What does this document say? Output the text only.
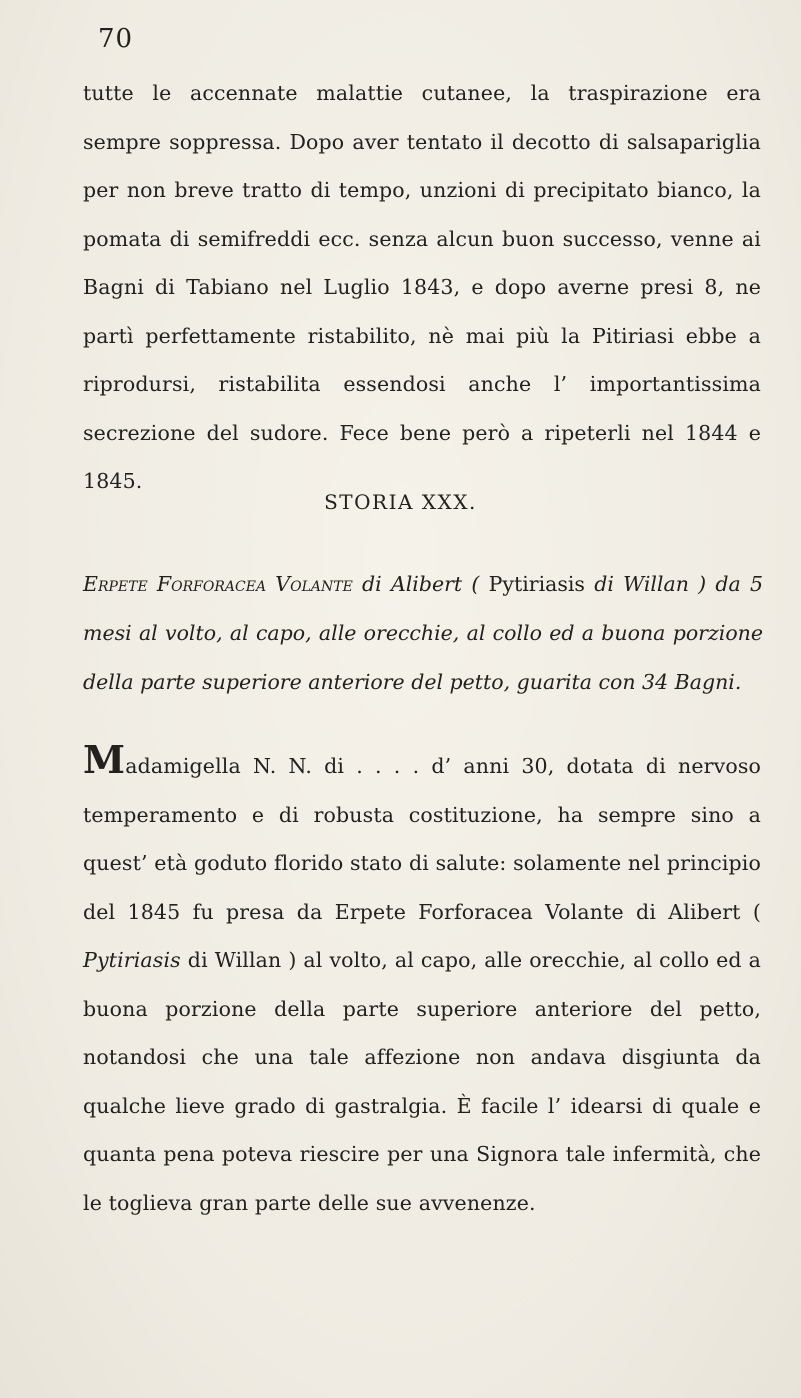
70

tutte le accennate malattie cutanee, la traspirazione era sempre soppressa. Dopo aver tentato il decotto di salsapariglia per non breve tratto di tempo, unzioni di precipitato bianco, la pomata di semifreddi ecc. senza alcun buon successo, venne ai Bagni di Tabiano nel Luglio 1843, e dopo averne presi 8, ne partì perfettamente ristabilito, nè mai più la Pitiriasi ebbe a riprodursi, ristabilita essendosi anche l’ importantissima secrezione del sudore. Fece bene però a ripeterli nel 1844 e 1845.

STORIA XXX.

Erpete Forforacea Volante di Alibert ( Pytiriasis di Willan ) da 5 mesi al volto, al capo, alle orecchie, al collo ed a buona porzione della parte superiore anteriore del petto, guarita con 34 Bagni.

Madamigella N. N. di . . . . d’ anni 30, dotata di nervoso temperamento e di robusta costituzione, ha sempre sino a quest’ età goduto florido stato di salute: solamente nel principio del 1845 fu presa da Erpete Forforacea Volante di Alibert ( Pytiriasis di Willan ) al volto, al capo, alle orecchie, al collo ed a buona porzione della parte superiore anteriore del petto, notandosi che una tale affezione non andava disgiunta da qualche lieve grado di gastralgia. È facile l’ idearsi di quale e quanta pena poteva riescire per una Signora tale infermità, che le toglieva gran parte delle sue avvenenze.
